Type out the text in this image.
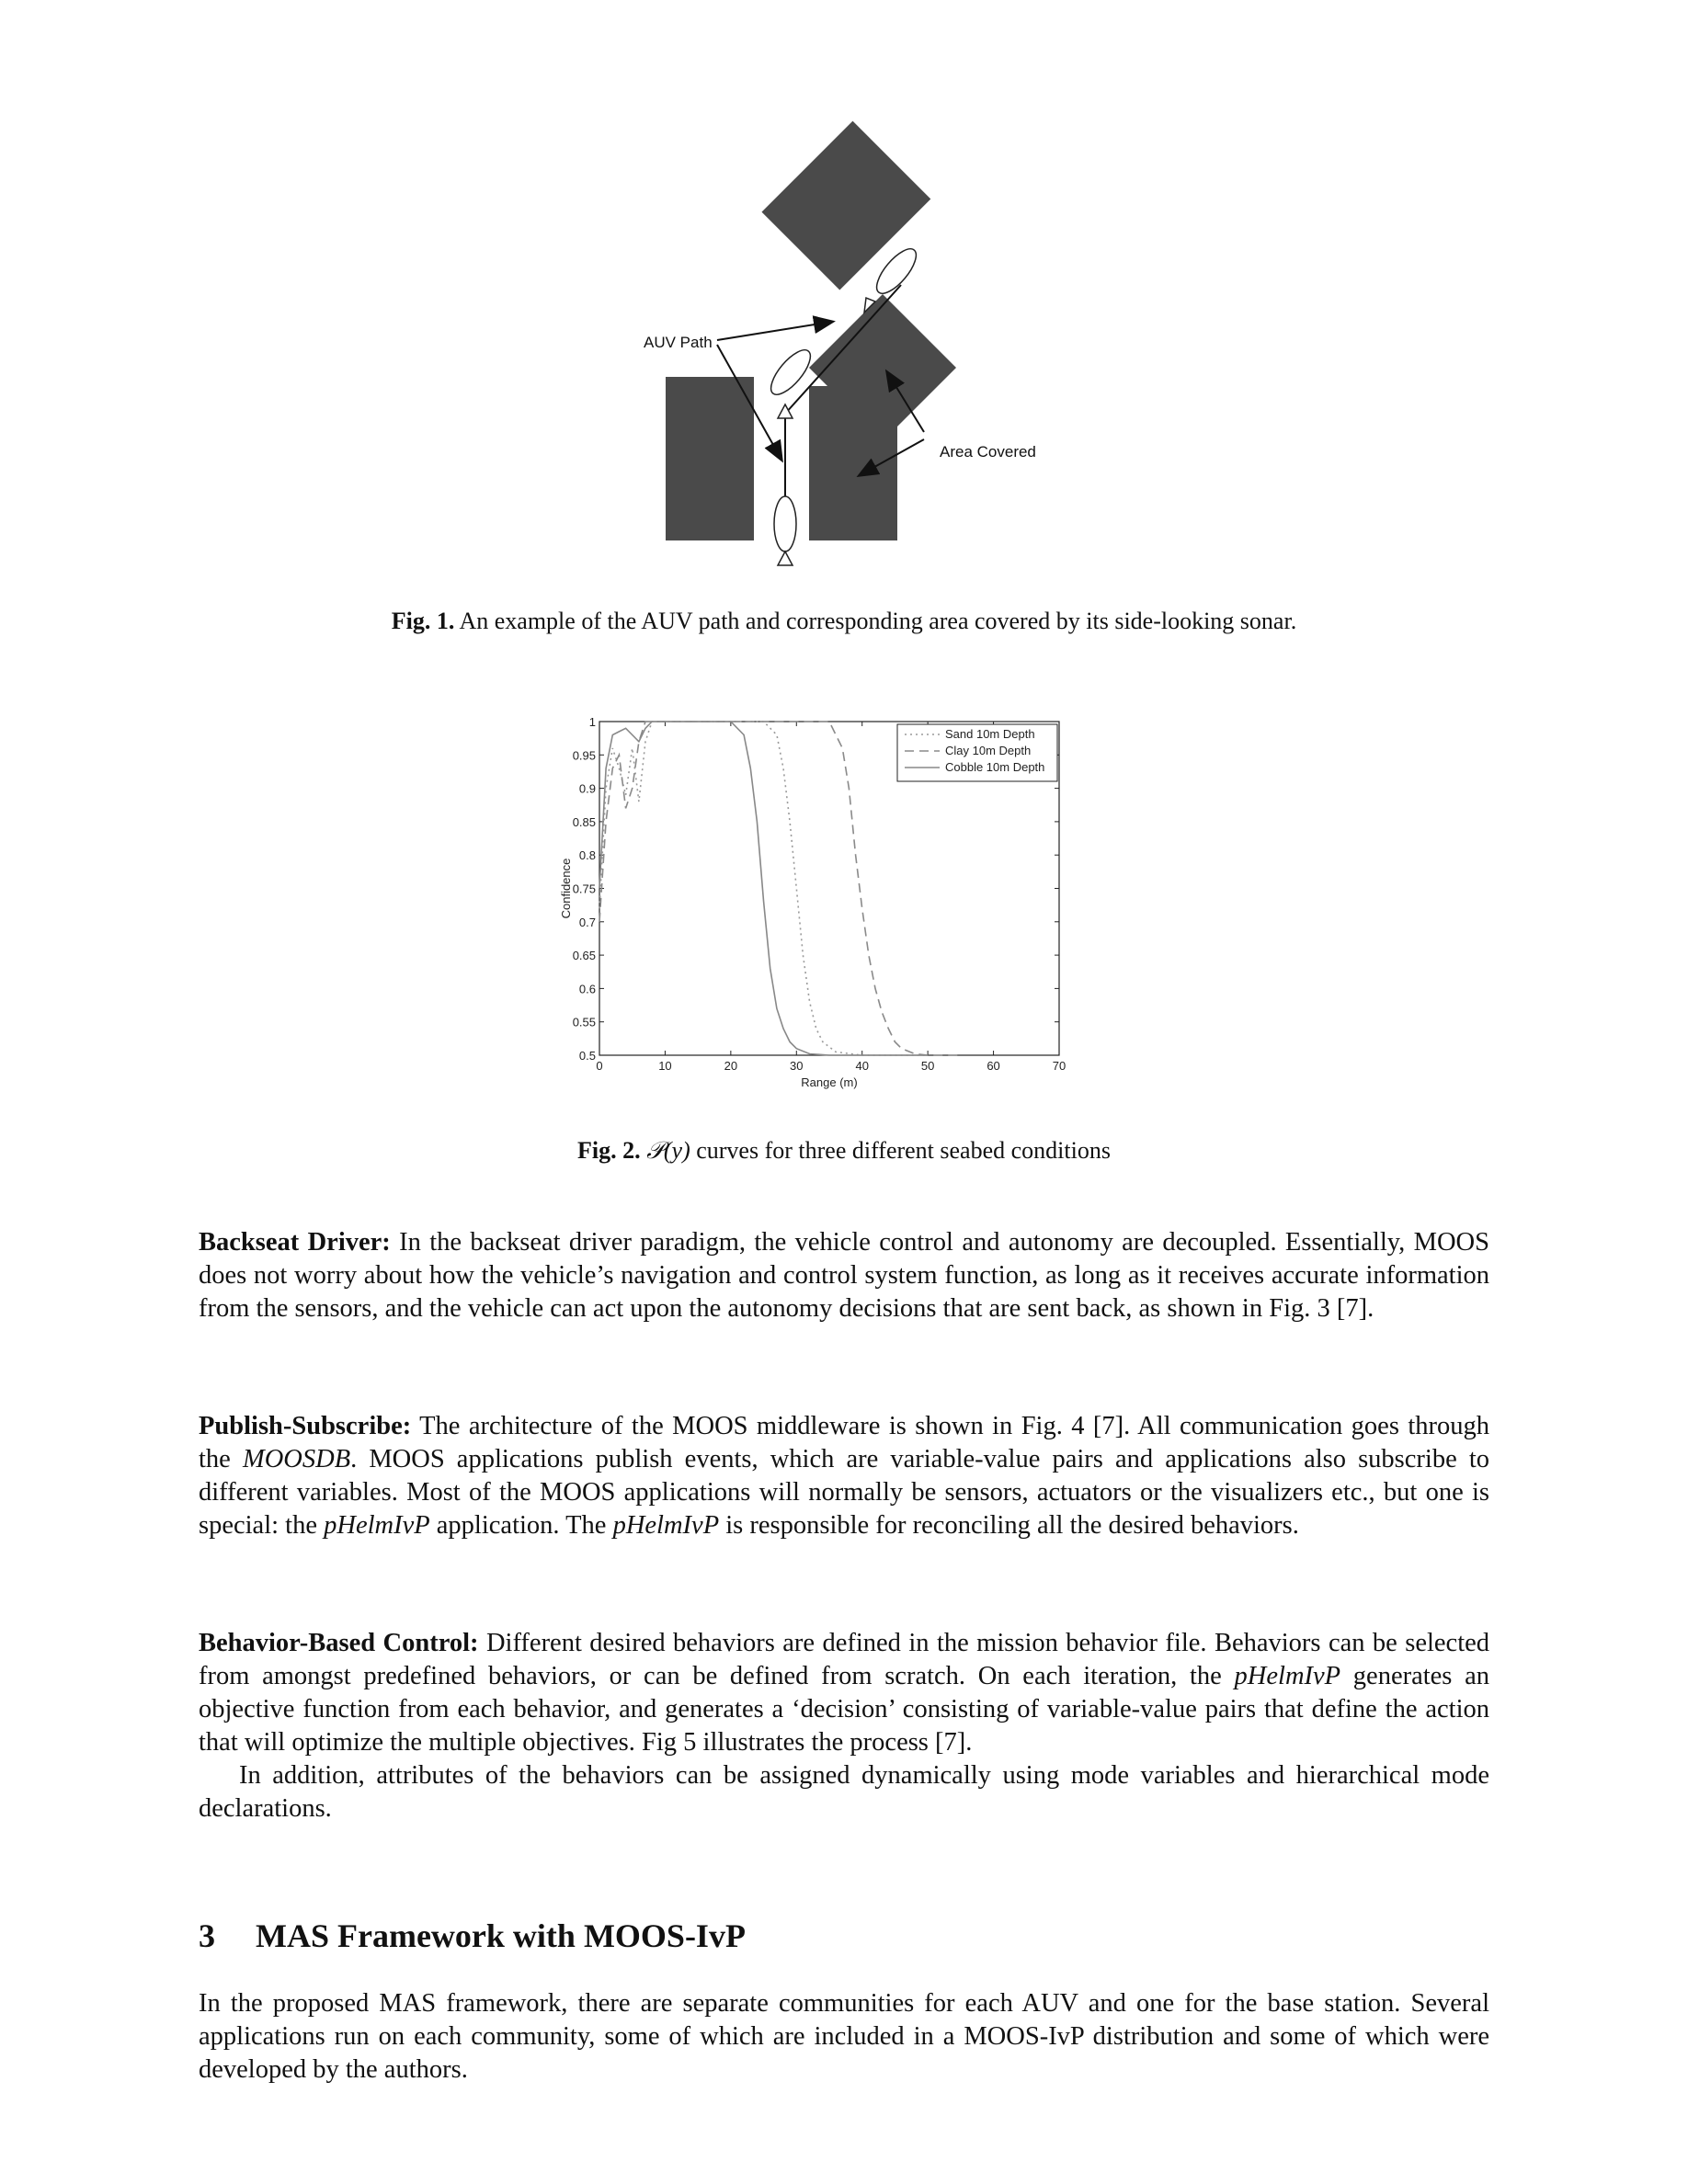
AUV Path
Area Covered
Fig. 1. An example of the AUV path and corresponding area covered by its side-looking sonar.
0	10	20	30	40	50	60	70
0.5
0.55
0.6
0.65
0.7
0.75
0.8
0.85
0.9
0.95
1
Range (m)
Confidence
Sand 10m Depth
Clay 10m Depth
Cobble 10m Depth
Fig. 2. 𝒫(y) curves for three different seabed conditions
Backseat Driver: In the backseat driver paradigm, the vehicle control and autonomy are decoupled. Essentially, MOOS does not worry about how the vehicle’s navigation and control system function, as long as it receives accurate information from the sensors, and the vehicle can act upon the autonomy decisions that are sent back, as shown in Fig. 3 [7].
Publish-Subscribe: The architecture of the MOOS middleware is shown in Fig. 4 [7]. All communication goes through the MOOSDB. MOOS applications publish events, which are variable-value pairs and applications also subscribe to different variables. Most of the MOOS applications will normally be sensors, actuators or the visualizers etc., but one is special: the pHelmIvP application. The pHelmIvP is responsible for reconciling all the desired behaviors.
Behavior-Based Control: Different desired behaviors are defined in the mission behavior file. Behaviors can be selected from amongst predefined behaviors, or can be defined from scratch. On each iteration, the pHelmIvP generates an objective function from each behavior, and generates a ‘decision’ consisting of variable-value pairs that define the action that will optimize the multiple objectives. Fig 5 illustrates the process [7].
In addition, attributes of the behaviors can be assigned dynamically using mode variables and hierarchical mode declarations.
3 MAS Framework with MOOS-IvP
In the proposed MAS framework, there are separate communities for each AUV and one for the base station. Several applications run on each community, some of which are included in a MOOS-IvP distribution and some of which were developed by the authors.
